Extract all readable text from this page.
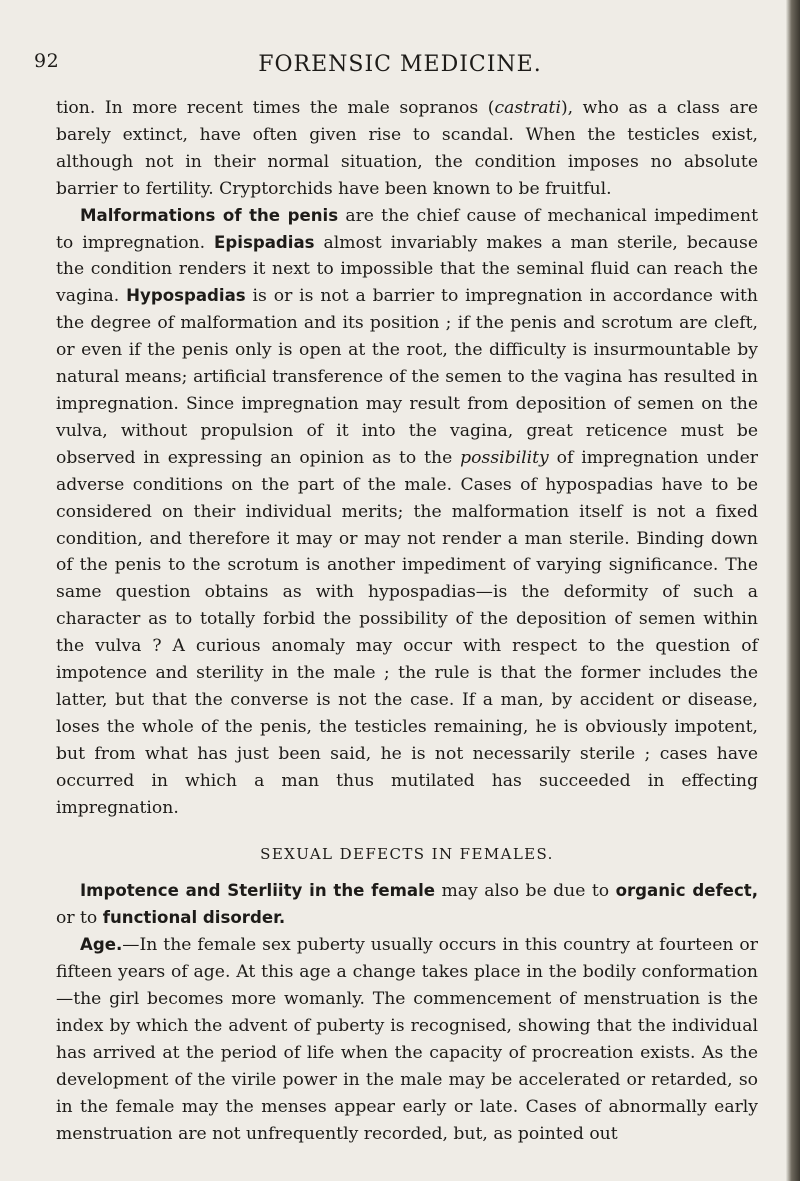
92	FORENSIC MEDICINE.

tion. In more recent times the male sopranos (castrati), who as a class are barely extinct, have often given rise to scandal. When the testicles exist, although not in their normal situation, the condition imposes no absolute barrier to fertility. Cryptorchids have been known to be fruitful.

Malformations of the penis are the chief cause of mechanical impediment to impregnation. Epispadias almost invariably makes a man sterile, because the condition renders it next to impossible that the seminal fluid can reach the vagina. Hypospadias is or is not a barrier to impregnation in accordance with the degree of malformation and its position ; if the penis and scrotum are cleft, or even if the penis only is open at the root, the difficulty is insurmountable by natural means; artificial transference of the semen to the vagina has resulted in impregnation. Since impregnation may result from deposition of semen on the vulva, without propulsion of it into the vagina, great reticence must be observed in expressing an opinion as to the possibility of impregnation under adverse conditions on the part of the male. Cases of hypospadias have to be considered on their individual merits; the malformation itself is not a fixed condition, and therefore it may or may not render a man sterile. Binding down of the penis to the scrotum is another impediment of varying significance. The same question obtains as with hypospadias—is the deformity of such a character as to totally forbid the possibility of the deposition of semen within the vulva ? A curious anomaly may occur with respect to the question of impotence and sterility in the male ; the rule is that the former includes the latter, but that the converse is not the case. If a man, by accident or disease, loses the whole of the penis, the testicles remaining, he is obviously impotent, but from what has just been said, he is not necessarily sterile ; cases have occurred in which a man thus mutilated has succeeded in effecting impregnation.

SEXUAL DEFECTS IN FEMALES.

Impotence and Sterliity in the female may also be due to organic defect, or to functional disorder.

Age.—In the female sex puberty usually occurs in this country at fourteen or fifteen years of age. At this age a change takes place in the bodily conformation—the girl becomes more womanly. The commencement of menstruation is the index by which the advent of puberty is recognised, showing that the individual has arrived at the period of life when the capacity of procreation exists. As the development of the virile power in the male may be accelerated or retarded, so in the female may the menses appear early or late. Cases of abnormally early menstruation are not unfrequently recorded, but, as pointed out
